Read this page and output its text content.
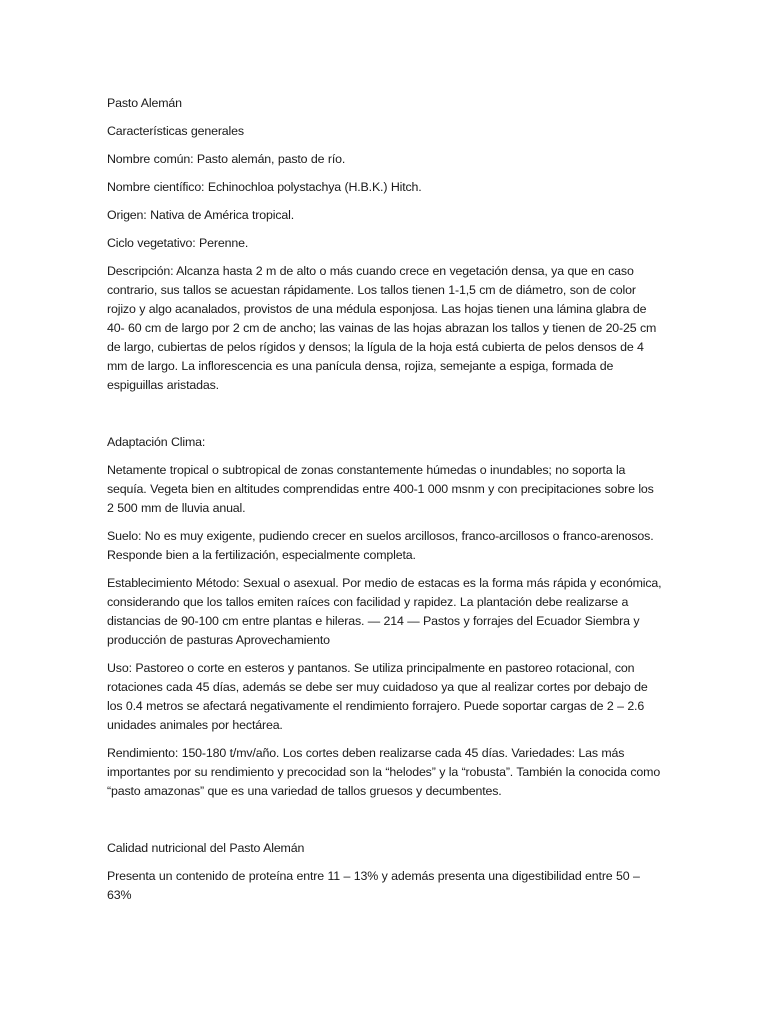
Pasto Alemán

Características generales

Nombre común: Pasto alemán, pasto de río.

Nombre científico: Echinochloa polystachya (H.B.K.) Hitch.

Origen: Nativa de América tropical.

Ciclo vegetativo: Perenne.

Descripción: Alcanza hasta 2 m de alto o más cuando crece en vegetación densa, ya que en caso contrario, sus tallos se acuestan rápidamente. Los tallos tienen 1-1,5 cm de diámetro, son de color rojizo y algo acanalados, provistos de una médula esponjosa. Las hojas tienen una lámina glabra de 40- 60 cm de largo por 2 cm de ancho; las vainas de las hojas abrazan los tallos y tienen de 20-25 cm de largo, cubiertas de pelos rígidos y densos; la lígula de la hoja está cubierta de pelos densos de 4 mm de largo. La inflorescencia es una panícula densa, rojiza, semejante a espiga, formada de espiguillas aristadas.

Adaptación Clima:

Netamente tropical o subtropical de zonas constantemente húmedas o inundables; no soporta la sequía. Vegeta bien en altitudes comprendidas entre 400-1 000 msnm y con precipitaciones sobre los 2 500 mm de lluvia anual.

Suelo: No es muy exigente, pudiendo crecer en suelos arcillosos, franco-arcillosos o franco-arenosos. Responde bien a la fertilización, especialmente completa.

Establecimiento Método: Sexual o asexual. Por medio de estacas es la forma más rápida y económica, considerando que los tallos emiten raíces con facilidad y rapidez. La plantación debe realizarse a distancias de 90-100 cm entre plantas e hileras. — 214 — Pastos y forrajes del Ecuador Siembra y producción de pasturas Aprovechamiento

Uso: Pastoreo o corte en esteros y pantanos. Se utiliza principalmente en pastoreo rotacional, con rotaciones cada 45 días, además se debe ser muy cuidadoso ya que al realizar cortes por debajo de los 0.4 metros se afectará negativamente el rendimiento forrajero. Puede soportar cargas de 2 – 2.6 unidades animales por hectárea.

Rendimiento: 150-180 t/mv/año. Los cortes deben realizarse cada 45 días. Variedades: Las más importantes por su rendimiento y precocidad son la “helodes” y la “robusta”. También la conocida como “pasto amazonas” que es una variedad de tallos gruesos y decumbentes.

Calidad nutricional del Pasto Alemán

Presenta un contenido de proteína entre 11 – 13% y además presenta una digestibilidad entre 50 – 63%
